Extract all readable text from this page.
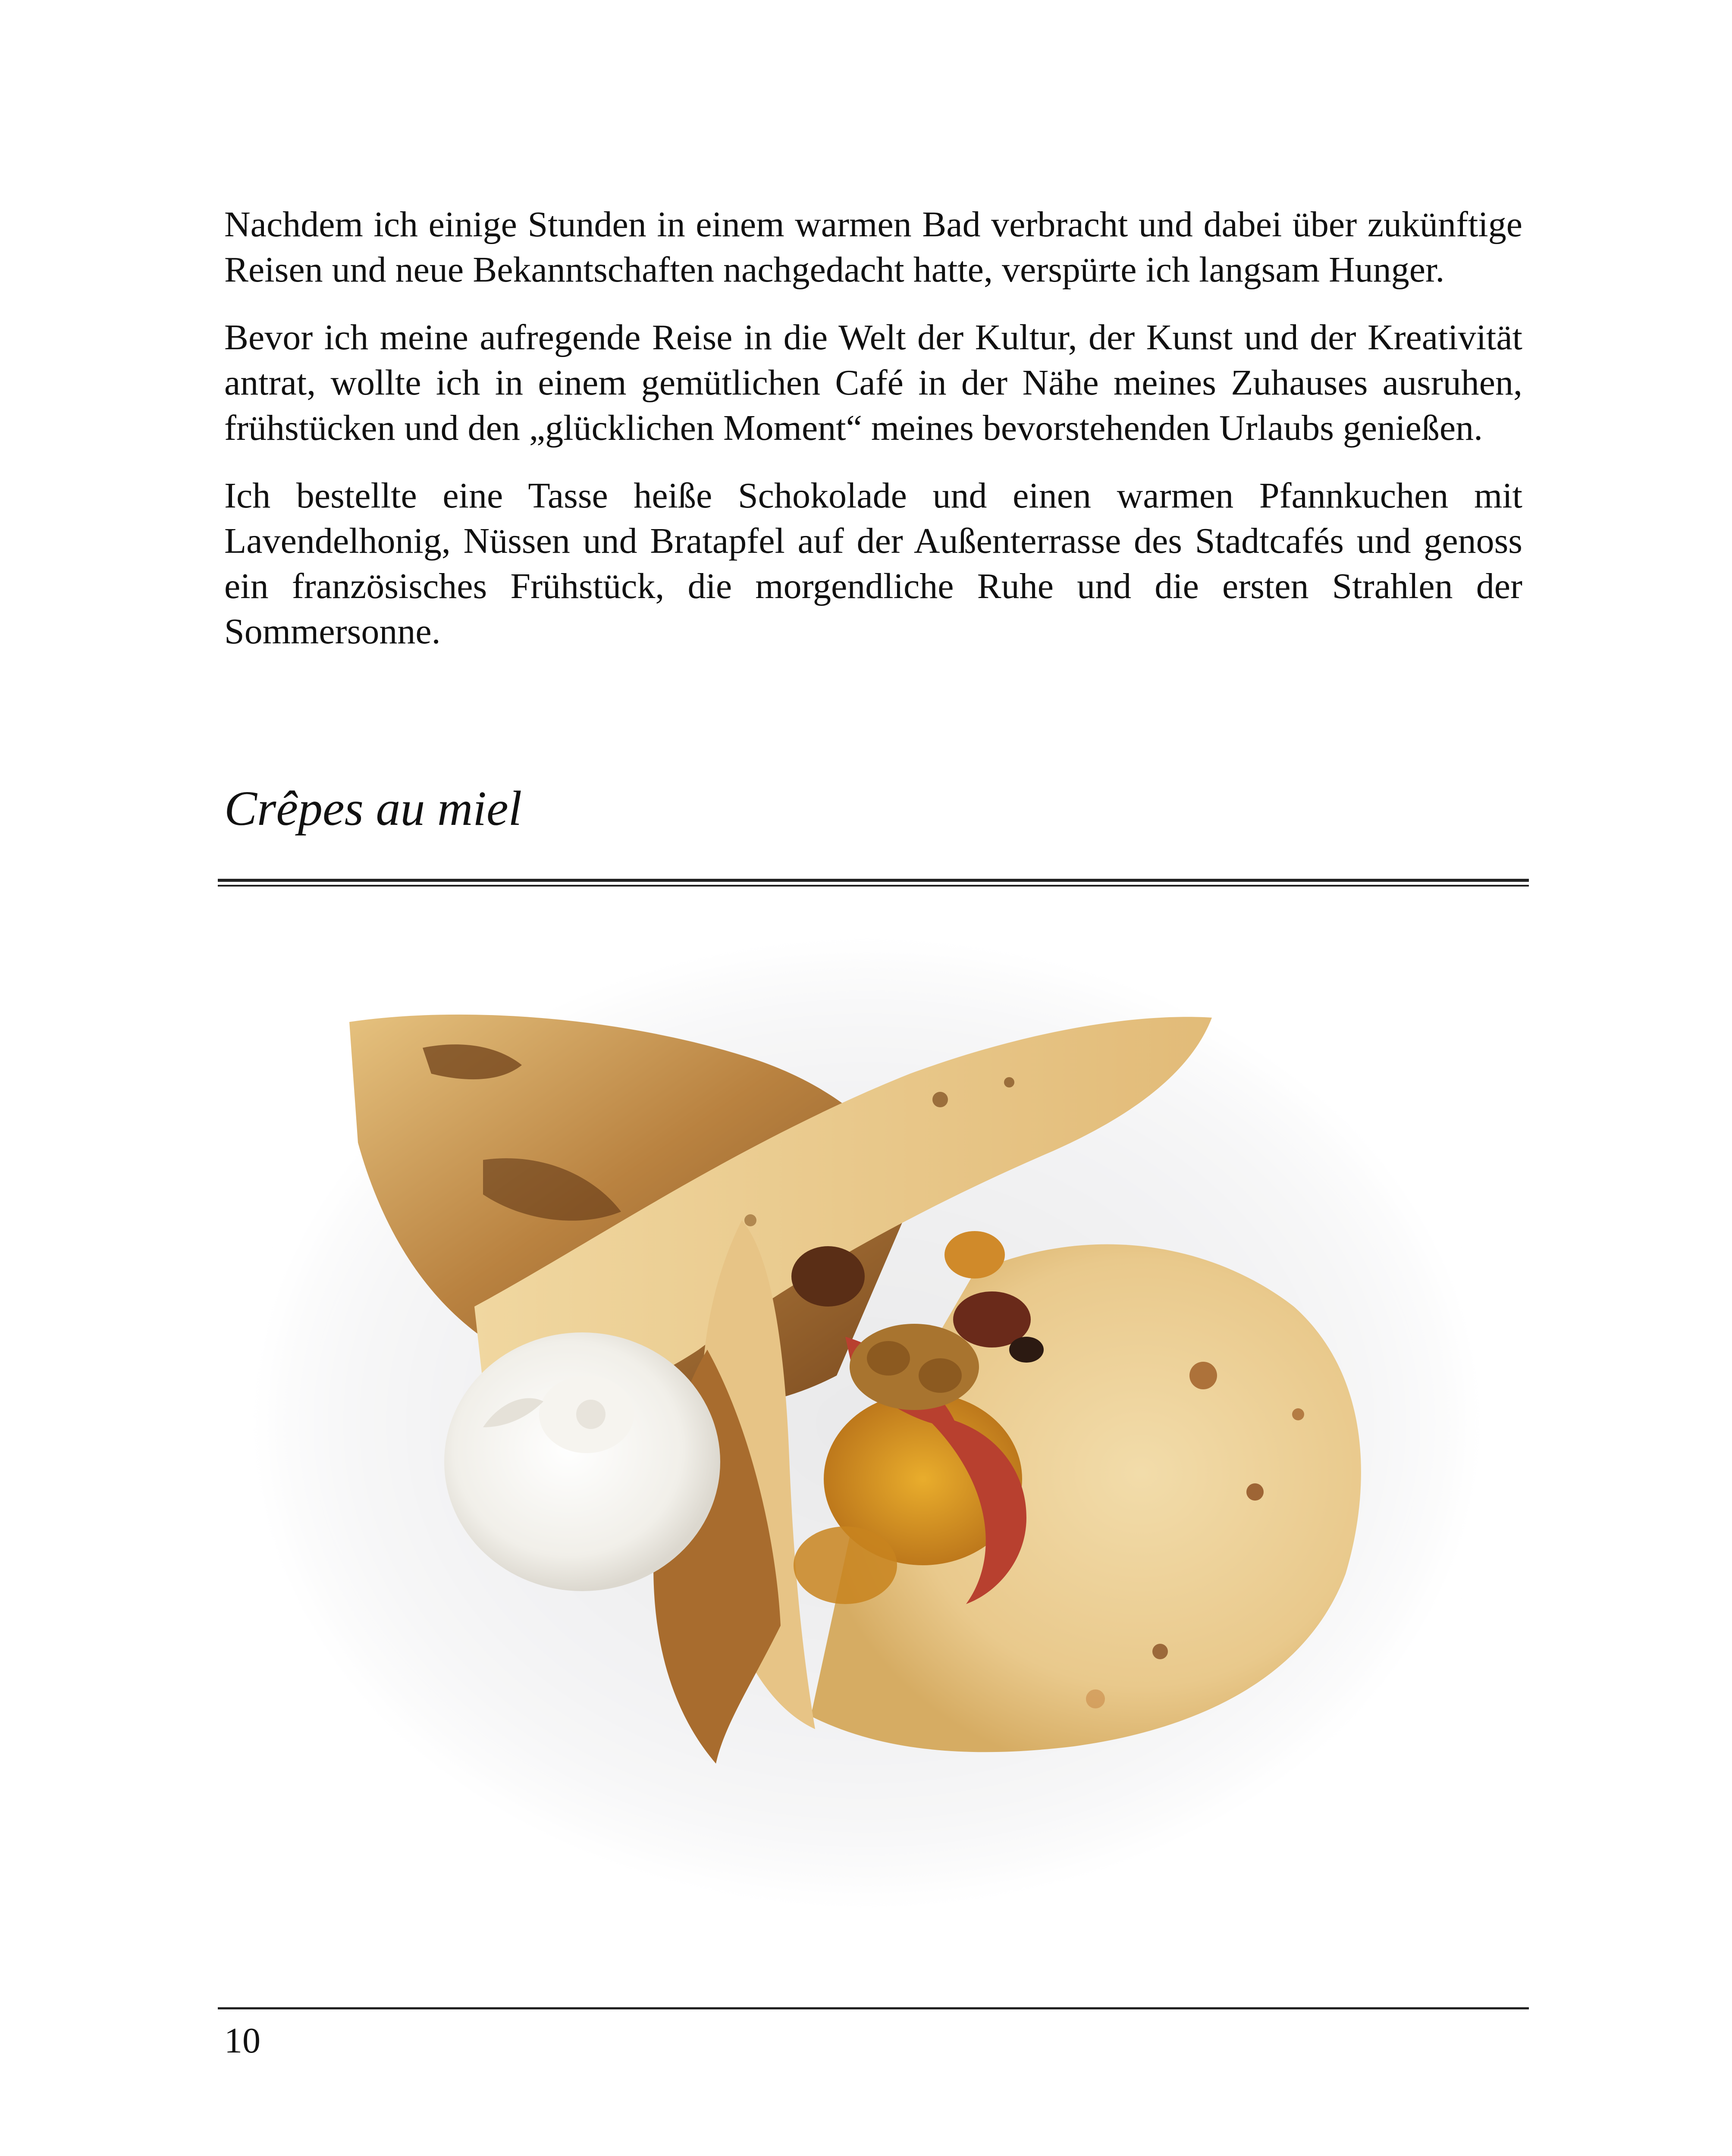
Nachdem ich einige Stunden in einem warmen Bad verbracht und dabei über zukünftige Reisen und neue Bekanntschaften nachgedacht hatte, verspürte ich langsam Hunger.

Bevor ich meine aufregende Reise in die Welt der Kultur, der Kunst und der Kreativität antrat, wollte ich in einem gemütlichen Café in der Nähe meines Zuhauses ausruhen, frühstücken und den „glücklichen Moment“ meines bevorstehenden Urlaubs genießen.

Ich bestellte eine Tasse heiße Schokolade und einen warmen Pfannkuchen mit Lavendelhonig, Nüssen und Bratapfel auf der Außenterrasse des Stadtcafés und genoss ein französisches Frühstück, die morgendliche Ruhe und die ersten Strahlen der Sommersonne.

Crêpes au miel
10
